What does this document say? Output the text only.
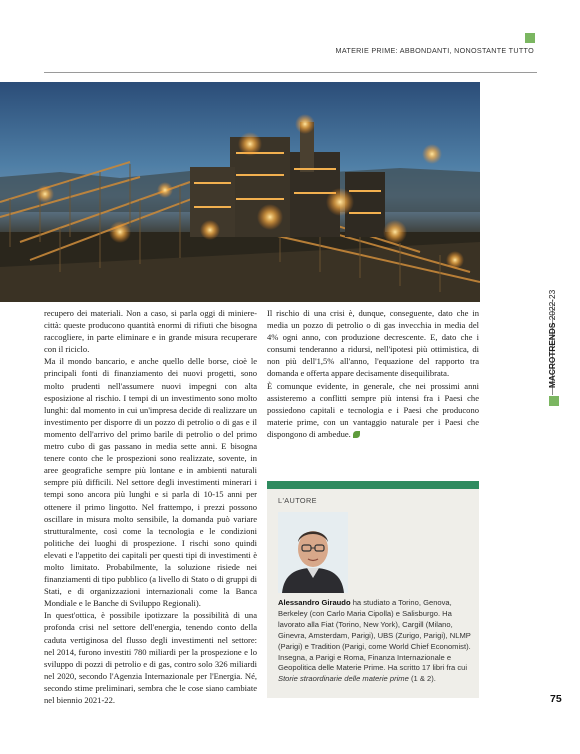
MATERIE PRIME: ABBONDANTI, NONOSTANTE TUTTO
MACROTRENDS 2022-23

recupero dei materiali. Non a caso, si parla oggi di miniere-città: queste producono quantità enormi di rifiuti che bisogna raccogliere, in parte eliminare e in grande misura recuperare con il riciclo.

Ma il mondo bancario, e anche quello delle borse, cioè le principali fonti di finanziamento dei nuovi progetti, sono molto prudenti nell'assumere nuovi impegni con alta esposizione al rischio. I tempi di un investimento sono molto lunghi: dal momento in cui un'impresa decide di realizzare un investimento per disporre di un pozzo di petrolio o di gas e il momento dell'arrivo del primo barile di petrolio o del primo metro cubo di gas passano in media sette anni. E bisogna tenere conto che le prospezioni sono realizzate, sovente, in aree geografiche sempre più lontane e in ambienti naturali sempre più difficili. Nel settore degli investimenti minerari i tempi sono ancora più lunghi e si parla di 10-15 anni per ottenere il primo lingotto. Nel frattempo, i prezzi possono oscillare in misura molto sensibile, la domanda può variare strutturalmente, così come la tecnologia e le condizioni politiche dei luoghi di prospezione. I rischi sono quindi elevati e l'appetito dei capitali per questi tipi di investimenti è molto limitato. Probabilmente, la soluzione risiede nei finanziamenti di tipo pubblico (a livello di Stato o di gruppi di Stati, e di organizzazioni internazionali come la Banca Mondiale e le Banche di Sviluppo Regionali).

In quest'ottica, è possibile ipotizzare la possibilità di una profonda crisi nel settore dell'energia, tenendo conto della caduta vertiginosa del flusso degli investimenti nel settore: nel 2014, furono investiti 780 miliardi per la prospezione e lo sviluppo di pozzi di petrolio e di gas, contro solo 326 miliardi nel 2020, secondo l'Agenzia Internazionale per l'Energia. Né, secondo stime preliminari, sembra che le cose siano cambiate nel biennio 2021-22.

Il rischio di una crisi è, dunque, conseguente, dato che in media un pozzo di petrolio o di gas invecchia in media del 4% ogni anno, con produzione decrescente. E, dato che i consumi tenderanno a ridursi, nell'ipotesi più ottimistica, di non più dell'1,5% all'anno, l'equazione del rapporto tra domanda e offerta appare decisamente disequilibrata.

È comunque evidente, in generale, che nei prossimi anni assisteremo a conflitti sempre più intensi fra i Paesi che possiedono capitali e tecnologia e i Paesi che producono materie prime, con un vantaggio naturale per i Paesi che dispongono di ambedue.

L'AUTORE
Alessandro Giraudo ha studiato a Torino, Genova, Berkeley (con Carlo Maria Cipolla) e Salisburgo. Ha lavorato alla Fiat (Torino, New York), Cargill (Milano, Ginevra, Amsterdam, Parigi), UBS (Zurigo, Parigi), NLMP (Parigi) e Tradition (Parigi, come World Chief Economist). Insegna, a Parigi e Roma, Finanza Internazionale e Geopolitica delle Materie Prime. Ha scritto 17 libri fra cui Storie straordinarie delle materie prime (1 & 2).
75
